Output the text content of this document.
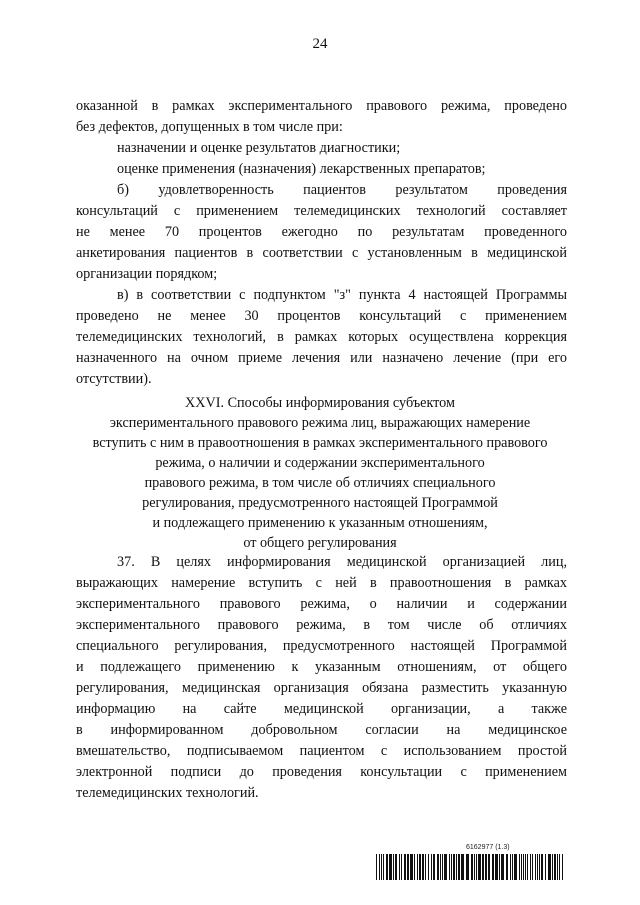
24
оказанной в рамках экспериментального правового режима, проведено
без дефектов, допущенных в том числе при:
назначении и оценке результатов диагностики;
оценке применения (назначения) лекарственных препаратов;
б) удовлетворенность пациентов результатом проведения
консультаций с применением телемедицинских технологий составляет
не менее 70 процентов ежегодно по результатам проведенного
анкетирования пациентов в соответствии с установленным в медицинской
организации порядком;
в) в соответствии с подпунктом "з" пункта 4 настоящей Программы
проведено не менее 30 процентов консультаций с применением
телемедицинских технологий, в рамках которых осуществлена коррекция
назначенного на очном приеме лечения или назначено лечение (при его
отсутствии).
XXVI. Способы информирования субъектом
экспериментального правового режима лиц, выражающих намерение
вступить с ним в правоотношения в рамках экспериментального правового
режима, о наличии и содержании экспериментального
правового режима, в том числе об отличиях специального
регулирования, предусмотренного настоящей Программой
и подлежащего применению к указанным отношениям,
от общего регулирования
37. В целях информирования медицинской организацией лиц,
выражающих намерение вступить с ней в правоотношения в рамках
экспериментального правового режима, о наличии и содержании
экспериментального правового режима, в том числе об отличиях
специального регулирования, предусмотренного настоящей Программой
и подлежащего применению к указанным отношениям, от общего
регулирования, медицинская организация обязана разместить указанную
информацию на сайте медицинской организации, а также
в информированном добровольном согласии на медицинское
вмешательство, подписываемом пациентом с использованием простой
электронной подписи до проведения консультации с применением
телемедицинских технологий.
6162977 (1.3)
